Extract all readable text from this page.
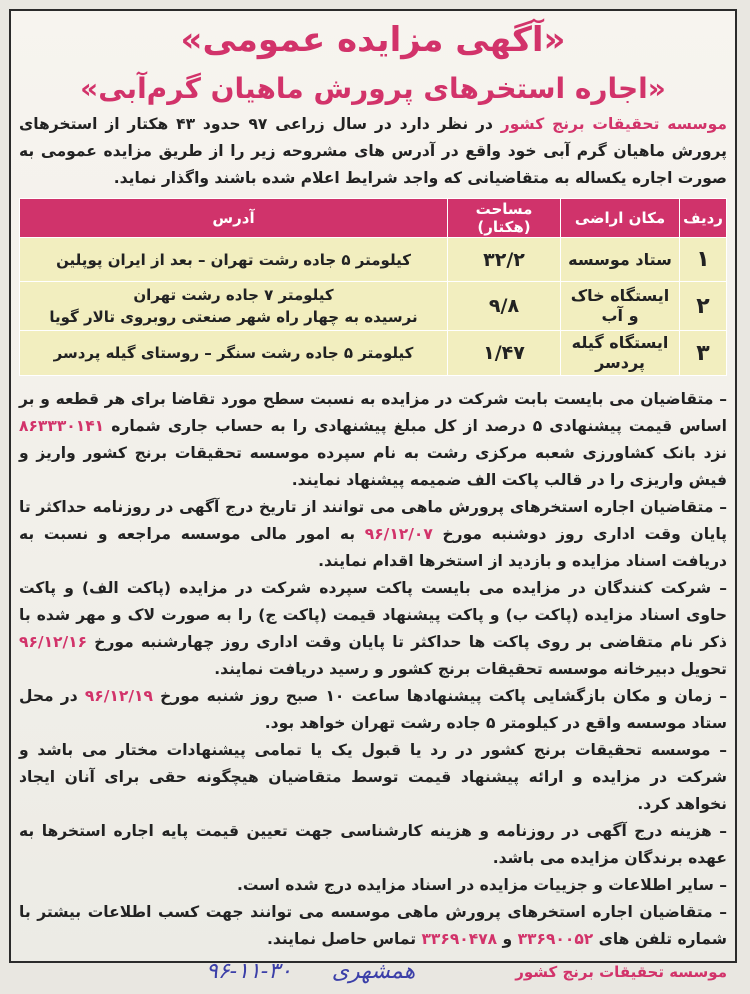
«آگهی مزایده عمومی»
«اجاره استخرهای پرورش ماهیان گرم‌آبی»

موسسه تحقیقات برنج کشور در نظر دارد در سال زراعی ۹۷ حدود ۴۳ هکتار از استخرهای پرورش ماهیان گرم آبی خود واقع در آدرس های مشروحه زیر را از طریق مزایده عمومی به صورت اجاره یکساله به متقاضیانی که واجد شرایط اعلام شده باشند واگذار نماید.

ردیف	مکان اراضی	مساحت (هکتار)	آدرس
۱	ستاد موسسه	۳۲/۲	کیلومتر ۵ جاده رشت تهران – بعد از ایران پوپلین

۲	ایستگاه خاک و آب	۹/۸	کیلومتر ۷ جاده رشت تهران
نرسیده به چهار راه شهر صنعتی روبروی تالار گویا

۳	ایستگاه گیله پردسر	۱/۴۷	کیلومتر ۵ جاده رشت سنگر – روستای گیله پردسر

– متقاضیان می بایست بابت شرکت در مزایده به نسبت سطح مورد تقاضا برای هر قطعه و بر اساس قیمت پیشنهادی ۵ درصد از کل مبلغ پیشنهادی را به حساب جاری شماره ۸۶۳۳۳۰۱۴۱ نزد بانک کشاورزی شعبه مرکزی رشت به نام سپرده موسسه تحقیقات برنج کشور واریز و فیش واریزی را در قالب پاکت الف ضمیمه پیشنهاد نمایند.

– متقاضیان اجاره استخرهای پرورش ماهی می توانند از تاریخ درج آگهی در روزنامه حداکثر تا پایان وقت اداری روز دوشنبه مورخ ۹۶/۱۲/۰۷ به امور مالی موسسه مراجعه و نسبت به دریافت اسناد مزایده و بازدید از استخرها اقدام نمایند.

– شرکت کنندگان در مزایده می بایست پاکت سپرده شرکت در مزایده (پاکت الف) و پاکت حاوی اسناد مزایده (پاکت ب) و پاکت پیشنهاد قیمت (پاکت ج) را به صورت لاک و مهر شده با ذکر نام متقاضی بر روی پاکت ها حداکثر تا پایان وقت اداری روز چهارشنبه مورخ ۹۶/۱۲/۱۶ تحویل دبیرخانه موسسه تحقیقات برنج کشور و رسید دریافت نمایند.

– زمان و مکان بازگشایی پاکت پیشنهادها ساعت ۱۰ صبح روز شنبه مورخ ۹۶/۱۲/۱۹ در محل ستاد موسسه واقع در کیلومتر ۵ جاده رشت تهران خواهد بود.

– موسسه تحقیقات برنج کشور در رد یا قبول یک یا تمامی پیشنهادات مختار می باشد و شرکت در مزایده و ارائه پیشنهاد قیمت توسط متقاضیان هیچگونه حقی برای آنان ایجاد نخواهد کرد.

– هزینه درج آگهی در روزنامه و هزینه کارشناسی جهت تعیین قیمت پایه اجاره استخرها به عهده برندگان مزایده می باشد.

– سایر اطلاعات و جزییات مزایده در اسناد مزایده درج شده است.

– متقاضیان اجاره استخرهای پرورش ماهی موسسه می توانند جهت کسب اطلاعات بیشتر با شماره تلفن های ۳۳۶۹۰۰۵۲ و ۳۳۶۹۰۴۷۸ تماس حاصل نمایند.

موسسه تحقیقات برنج کشور
همشهری
۹۶-۱۱-۳۰
